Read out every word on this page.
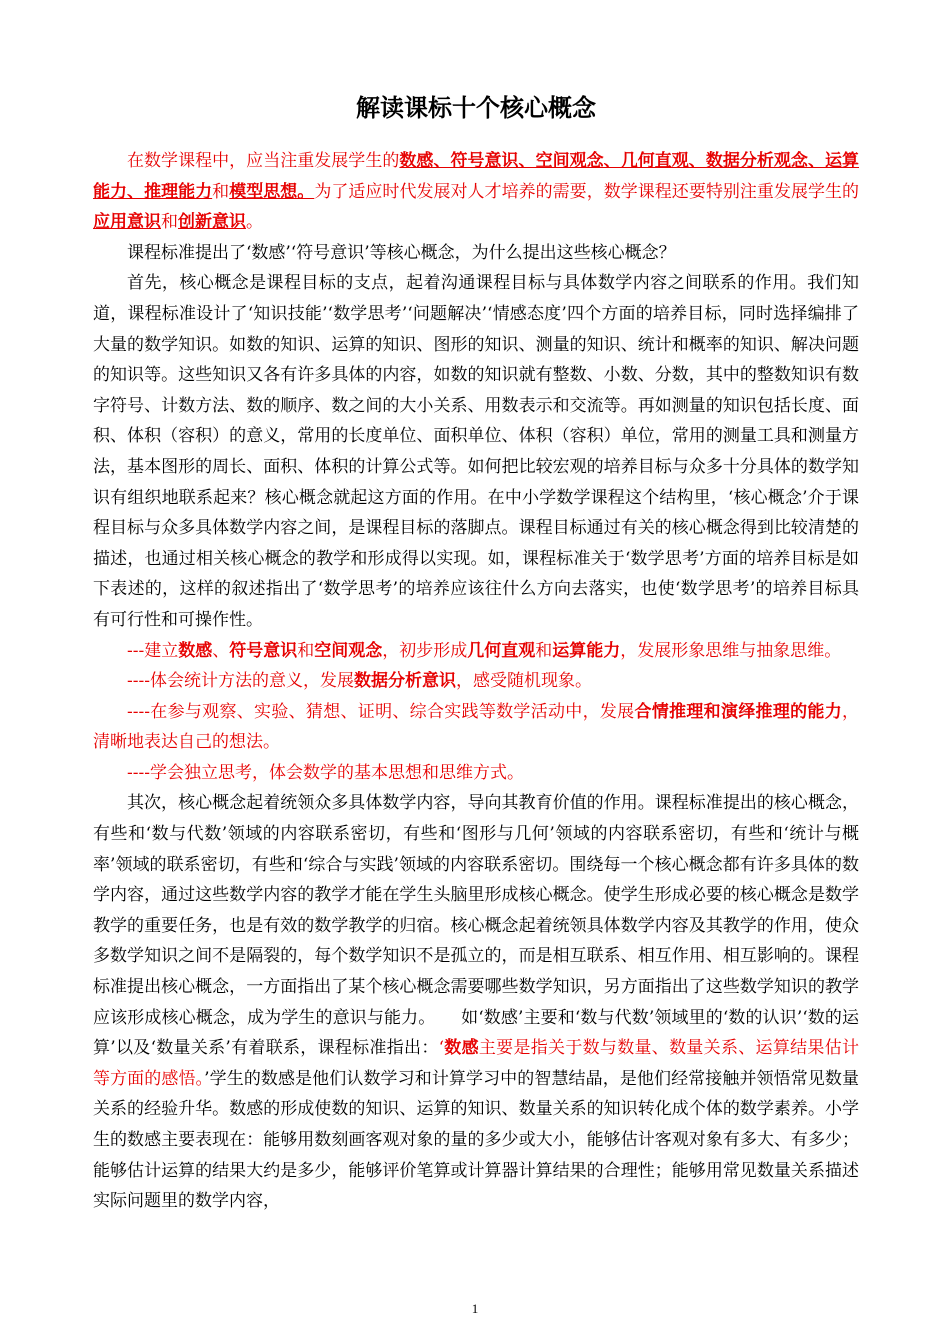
解读课标十个核心概念

在数学课程中，应当注重发展学生的数感、符号意识、空间观念、几何直观、数据分析观念、运算能力、推理能力和模型思想。为了适应时代发展对人才培养的需要，数学课程还要特别注重发展学生的应用意识和创新意识。

课程标准提出了‘数感’‘符号意识’等核心概念，为什么提出这些核心概念？

首先，核心概念是课程目标的支点，起着沟通课程目标与具体数学内容之间联系的作用。我们知道，课程标准设计了‘知识技能’‘数学思考’‘问题解决’‘情感态度’四个方面的培养目标，同时选择编排了大量的数学知识。如数的知识、运算的知识、图形的知识、测量的知识、统计和概率的知识、解决问题的知识等。这些知识又各有许多具体的内容，如数的知识就有整数、小数、分数，其中的整数知识有数字符号、计数方法、数的顺序、数之间的大小关系、用数表示和交流等。再如测量的知识包括长度、面积、体积（容积）的意义，常用的长度单位、面积单位、体积（容积）单位，常用的测量工具和测量方法，基本图形的周长、面积、体积的计算公式等。如何把比较宏观的培养目标与众多十分具体的数学知识有组织地联系起来？核心概念就起这方面的作用。在中小学数学课程这个结构里，‘核心概念’介于课程目标与众多具体数学内容之间，是课程目标的落脚点。课程目标通过有关的核心概念得到比较清楚的描述，也通过相关核心概念的教学和形成得以实现。如，课程标准关于‘数学思考’方面的培养目标是如下表述的，这样的叙述指出了‘数学思考’的培养应该往什么方向去落实，也使‘数学思考’的培养目标具有可行性和可操作性。

---建立数感、符号意识和空间观念，初步形成几何直观和运算能力，发展形象思维与抽象思维。

----体会统计方法的意义，发展数据分析意识，感受随机现象。

----在参与观察、实验、猜想、证明、综合实践等数学活动中，发展合情推理和演绎推理的能力，清晰地表达自己的想法。

----学会独立思考，体会数学的基本思想和思维方式。

其次，核心概念起着统领众多具体数学内容，导向其教育价值的作用。课程标准提出的核心概念，有些和‘数与代数’领域的内容联系密切，有些和‘图形与几何’领域的内容联系密切，有些和‘统计与概率’领域的联系密切，有些和‘综合与实践’领域的内容联系密切。围绕每一个核心概念都有许多具体的数学内容，通过这些数学内容的教学才能在学生头脑里形成核心概念。使学生形成必要的核心概念是数学教学的重要任务，也是有效的数学教学的归宿。核心概念起着统领具体数学内容及其教学的作用，使众多数学知识之间不是隔裂的，每个数学知识不是孤立的，而是相互联系、相互作用、相互影响的。课程标准提出核心概念，一方面指出了某个核心概念需要哪些数学知识，另方面指出了这些数学知识的教学应该形成核心概念，成为学生的意识与能力。　　如‘数感’主要和‘数与代数’领域里的‘数的认识’‘数的运算’以及‘数量关系’有着联系，课程标准指出：‘数感主要是指关于数与数量、数量关系、运算结果估计等方面的感悟。’学生的数感是他们认数学习和计算学习中的智慧结晶，是他们经常接触并领悟常见数量关系的经验升华。数感的形成使数的知识、运算的知识、数量关系的知识转化成个体的数学素养。小学生的数感主要表现在：能够用数刻画客观对象的量的多少或大小，能够估计客观对象有多大、有多少；能够估计运算的结果大约是多少，能够评价笔算或计算器计算结果的合理性；能够用常见数量关系描述实际问题里的数学内容，

1
